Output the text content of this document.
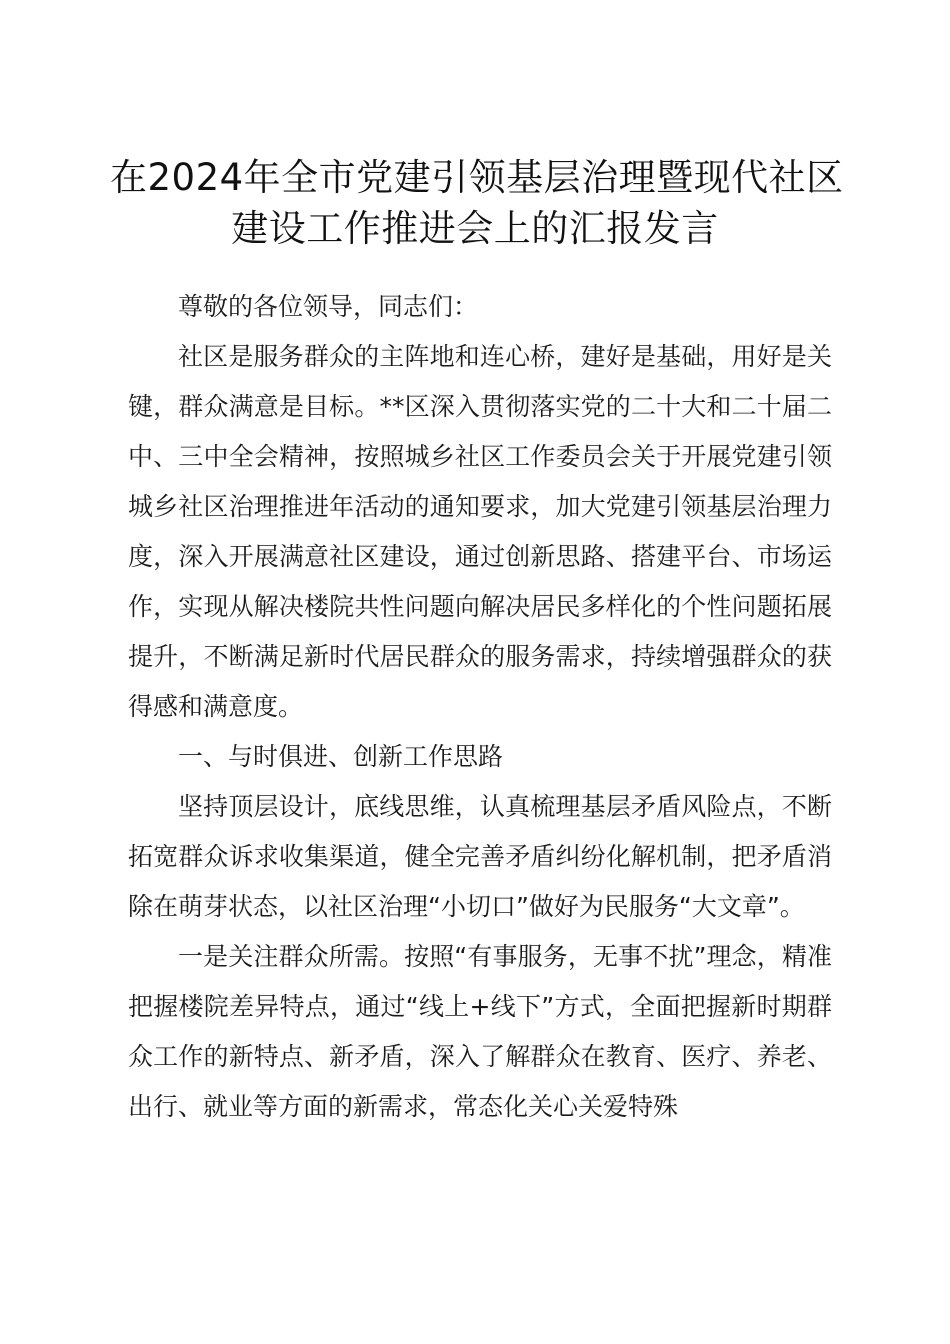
在2024年全市党建引领基层治理暨现代社区
建设工作推进会上的汇报发言

尊敬的各位领导，同志们：

社区是服务群众的主阵地和连心桥，建好是基础，用好是关键，群众满意是目标。**区深入贯彻落实党的二十大和二十届二中、三中全会精神，按照城乡社区工作委员会关于开展党建引领城乡社区治理推进年活动的通知要求，加大党建引领基层治理力度，深入开展满意社区建设，通过创新思路、搭建平台、市场运作，实现从解决楼院共性问题向解决居民多样化的个性问题拓展提升，不断满足新时代居民群众的服务需求，持续增强群众的获得感和满意度。

一、与时俱进、创新工作思路

坚持顶层设计，底线思维，认真梳理基层矛盾风险点，不断拓宽群众诉求收集渠道，健全完善矛盾纠纷化解机制，把矛盾消除在萌芽状态，以社区治理“小切口”做好为民服务“大文章”。

一是关注群众所需。按照“有事服务，无事不扰”理念，精准把握楼院差异特点，通过“线上+线下”方式，全面把握新时期群众工作的新特点、新矛盾，深入了解群众在教育、医疗、养老、出行、就业等方面的新需求，常态化关心关爱特殊
